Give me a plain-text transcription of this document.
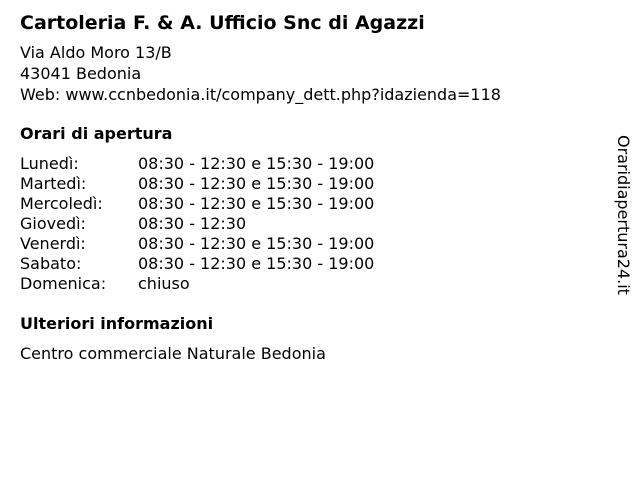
Cartoleria F. & A. Ufficio Snc di Agazzi
Via Aldo Moro 13/B
43041 Bedonia
Web: www.ccnbedonia.it/company_dett.php?idazienda=118
Orari di apertura
Lunedì:	08:30 - 12:30 e 15:30 - 19:00
Martedì:	08:30 - 12:30 e 15:30 - 19:00
Mercoledì: 08:30 - 12:30 e 15:30 - 19:00
Giovedì:	08:30 - 12:30
Venerdì:	08:30 - 12:30 e 15:30 - 19:00
Sabato:	08:30 - 12:30 e 15:30 - 19:00
Domenica: chiuso
Ulteriori informazioni
Centro commerciale Naturale Bedonia
Oraridiapertura24.it
